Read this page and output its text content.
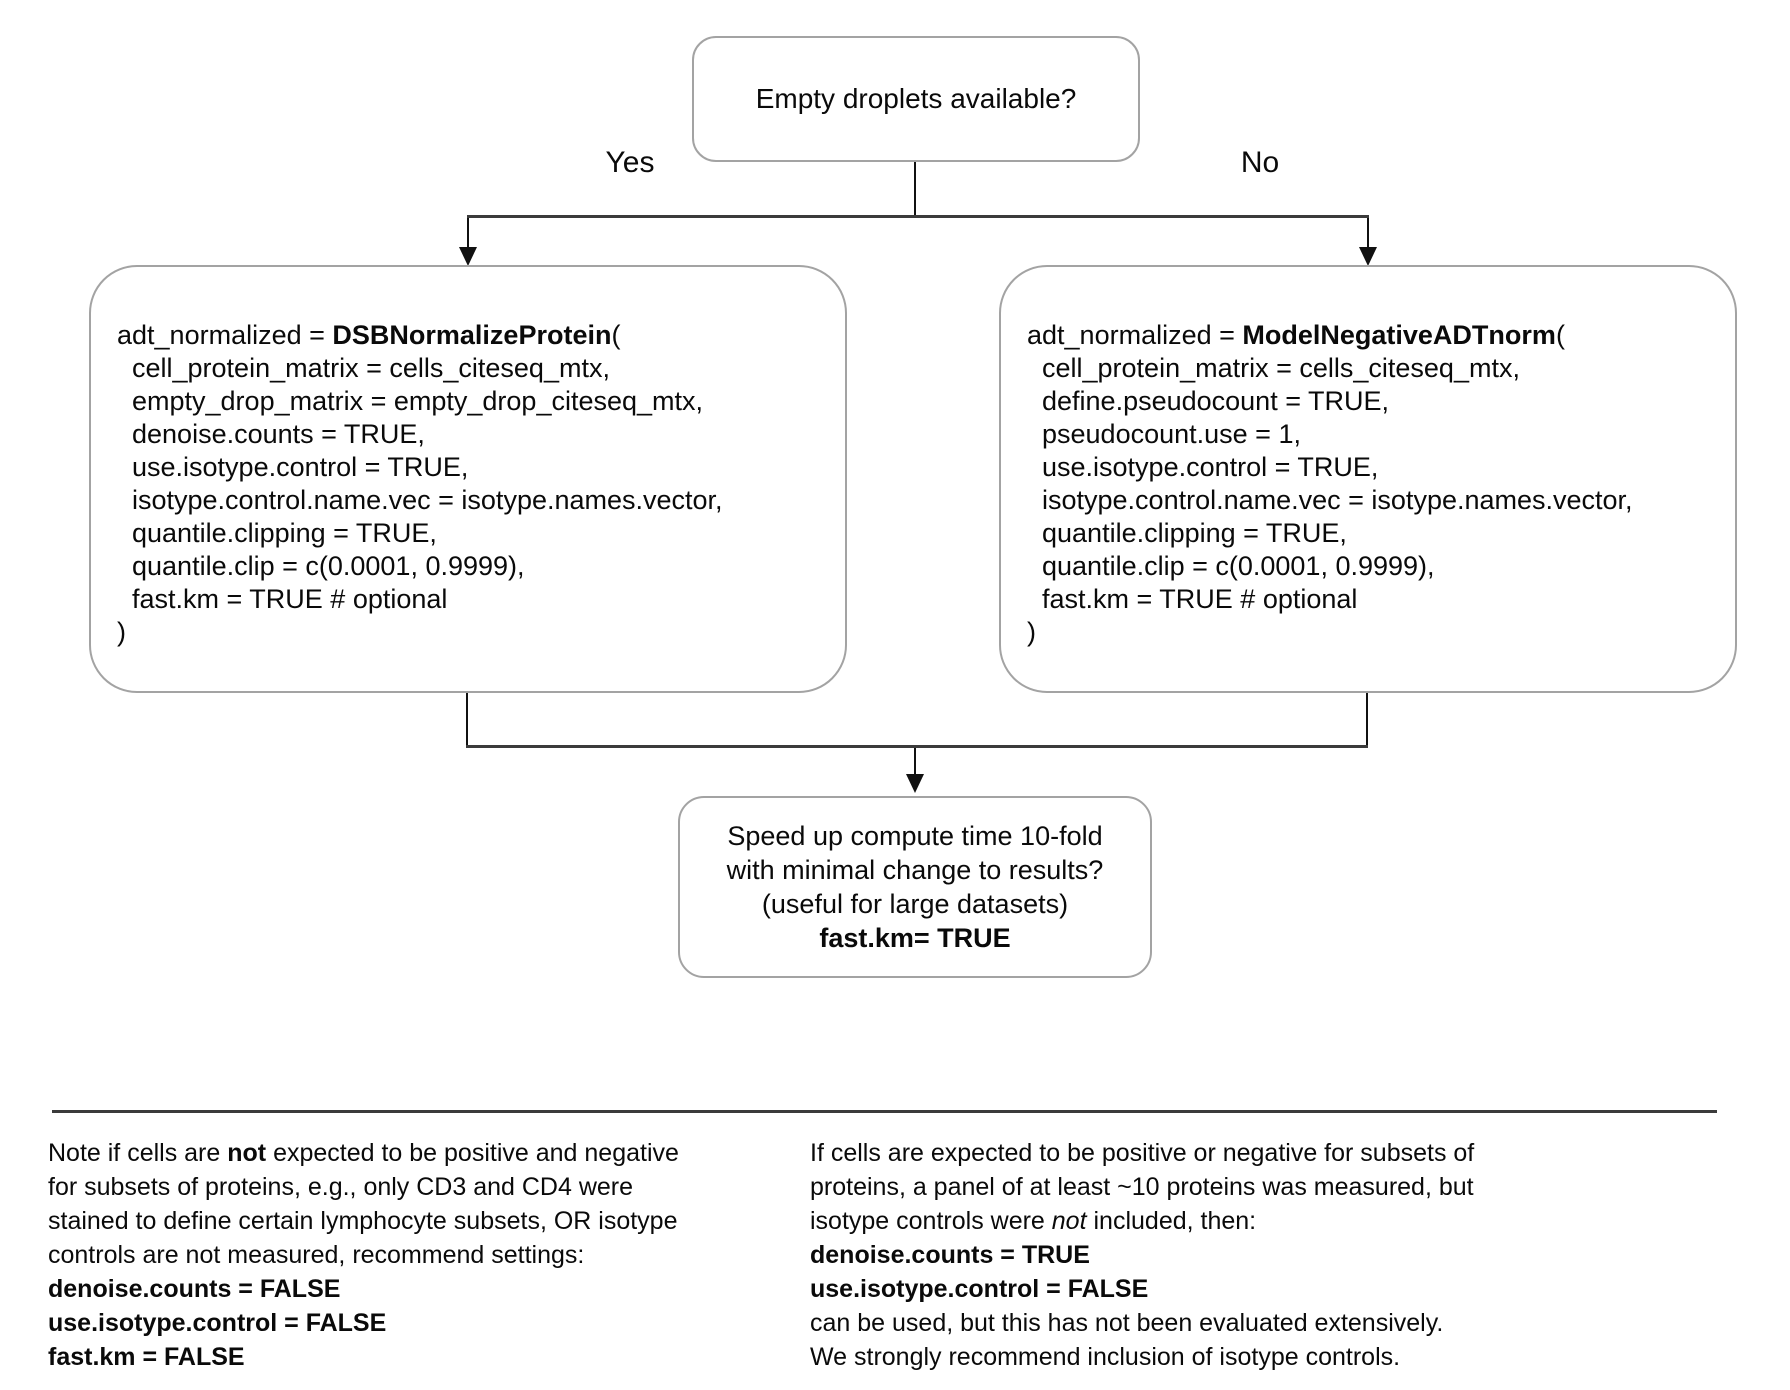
Empty droplets available?
Yes	No
adt_normalized = DSBNormalizeProtein(
cell_protein_matrix = cells_citeseq_mtx,
empty_drop_matrix = empty_drop_citeseq_mtx,
denoise.counts = TRUE,
use.isotype.control = TRUE,
isotype.control.name.vec = isotype.names.vector,
quantile.clipping = TRUE,
quantile.clip = c(0.0001, 0.9999),
fast.km = TRUE # optional
)
adt_normalized = ModelNegativeADTnorm(
cell_protein_matrix = cells_citeseq_mtx,
define.pseudocount = TRUE,
pseudocount.use = 1,
use.isotype.control = TRUE,
isotype.control.name.vec = isotype.names.vector,
quantile.clipping = TRUE,
quantile.clip = c(0.0001, 0.9999),
fast.km = TRUE # optional
)
Speed up compute time 10-fold
with minimal change to results?
(useful for large datasets)
fast.km= TRUE
Note if cells are not expected to be positive and negative
for subsets of proteins, e.g., only CD3 and CD4 were
stained to define certain lymphocyte subsets, OR isotype
controls are not measured, recommend settings:
denoise.counts = FALSE
use.isotype.control = FALSE
fast.km = FALSE
If cells are expected to be positive or negative for subsets of
proteins, a panel of at least ~10 proteins was measured, but
isotype controls were not included, then:
denoise.counts = TRUE
use.isotype.control = FALSE
can be used, but this has not been evaluated extensively.
We strongly recommend inclusion of isotype controls.
